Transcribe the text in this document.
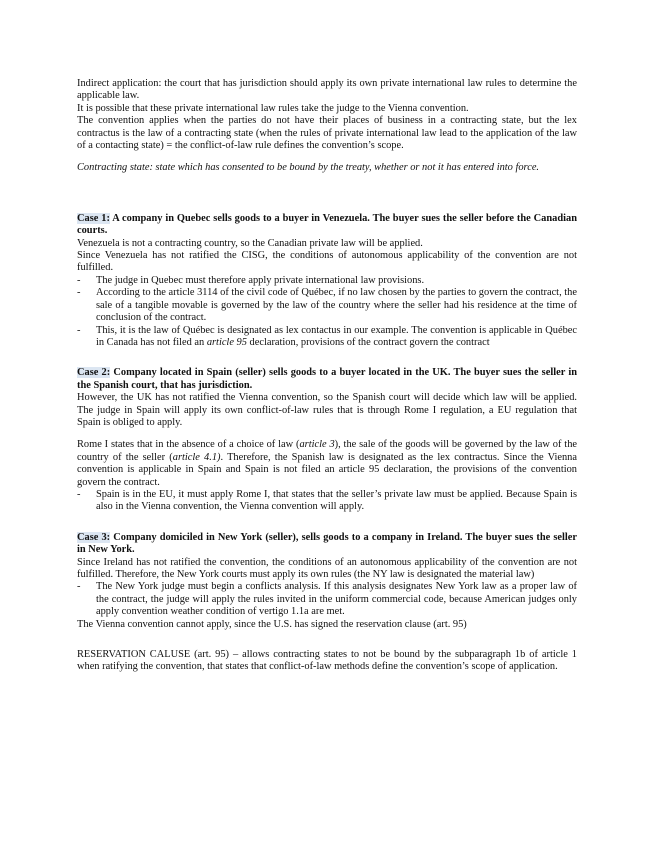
Indirect application: the court that has jurisdiction should apply its own private international law rules to determine the applicable law.

It is possible that these private international law rules take the judge to the Vienna convention.

The convention applies when the parties do not have their places of business in a contracting state, but the lex contractus is the law of a contracting state (when the rules of private international law lead to the application of the law of a contacting state) = the conflict-of-law rule defines the convention’s scope.

Contracting state: state which has consented to be bound by the treaty, whether or not it has entered into force.

Case 1: A company in Quebec sells goods to a buyer in Venezuela. The buyer sues the seller before the Canadian courts.

Venezuela is not a contracting country, so the Canadian private law will be applied.

Since Venezuela has not ratified the CISG, the conditions of autonomous applicability of the convention are not fulfilled.

- The judge in Quebec must therefore apply private international law provisions.
- According to the article 3114 of the civil code of Québec, if no law chosen by the parties to govern the contract, the sale of a tangible movable is governed by the law of the country where the seller had his residence at the time of conclusion of the contract.
- This, it is the law of Québec is designated as lex contactus in our example. The convention is applicable in Québec in Canada has not filed an article 95 declaration, provisions of the contract govern the contract

Case 2: Company located in Spain (seller) sells goods to a buyer located in the UK. The buyer sues the seller in the Spanish court, that has jurisdiction.

However, the UK has not ratified the Vienna convention, so the Spanish court will decide which law will be applied. The judge in Spain will apply its own conflict-of-law rules that is through Rome I regulation, a EU regulation that Spain is obliged to apply.

Rome I states that in the absence of a choice of law (article 3), the sale of the goods will be governed by the law of the country of the seller (article 4.1). Therefore, the Spanish law is designated as the lex contractus. Since the Vienna convention is applicable in Spain and Spain is not filed an article 95 declaration, the provisions of the convention govern the contract.

- Spain is in the EU, it must apply Rome I, that states that the seller’s private law must be applied. Because Spain is also in the Vienna convention, the Vienna convention will apply.

Case 3: Company domiciled in New York (seller), sells goods to a company in Ireland. The buyer sues the seller in New York.

Since Ireland has not ratified the convention, the conditions of an autonomous applicability of the convention are not fulfilled. Therefore, the New York courts must apply its own rules (the NY law is designated the material law)

- The New York judge must begin a conflicts analysis. If this analysis designates New York law as a proper law of the contract, the judge will apply the rules invited in the uniform commercial code, because American judges only apply convention weather condition of vertigo 1.1a are met.

The Vienna convention cannot apply, since the U.S. has signed the reservation clause (art. 95)

RESERVATION CALUSE (art. 95) – allows contracting states to not be bound by the subparagraph 1b of article 1 when ratifying the convention, that states that conflict-of-law methods define the convention’s scope of application.
